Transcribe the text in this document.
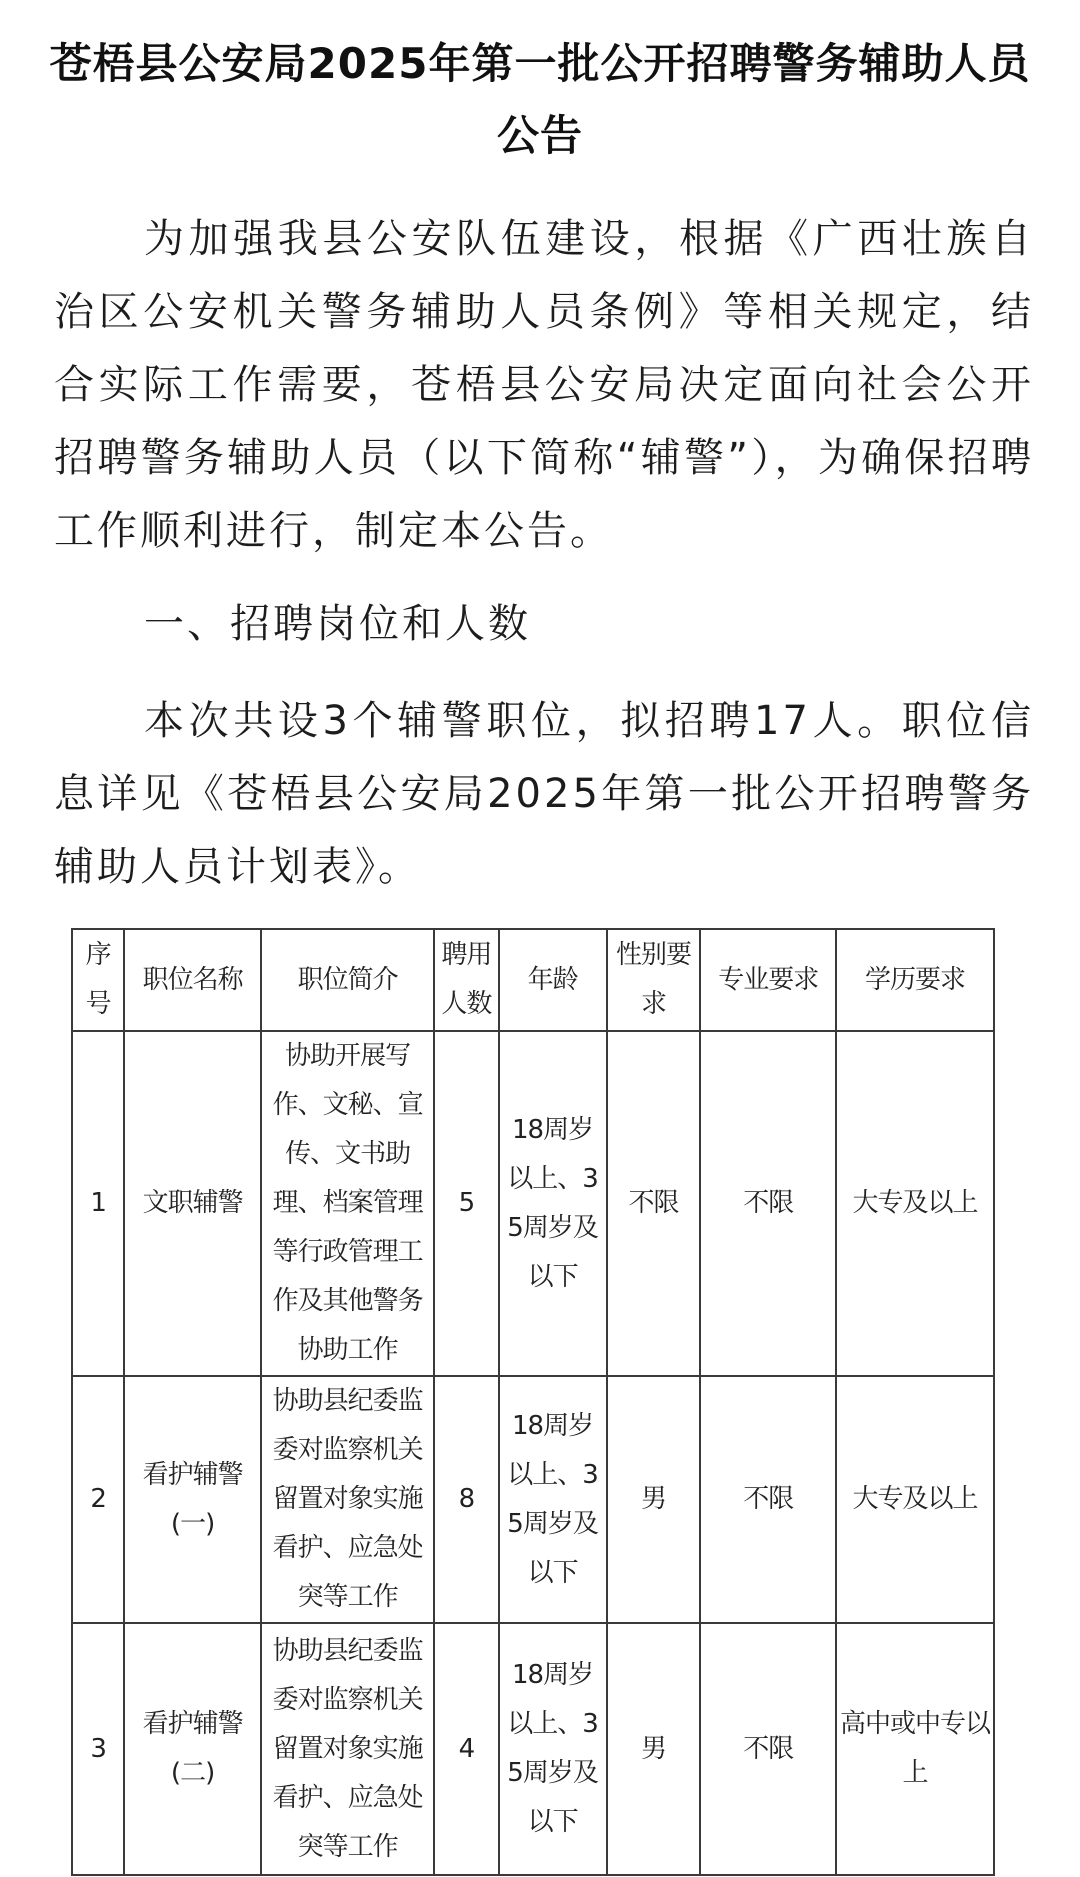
苍梧县公安局2025年第一批公开招聘警务辅助人员公告

为加强我县公安队伍建设，根据《广西壮族自治区公安机关警务辅助人员条例》等相关规定，结合实际工作需要，苍梧县公安局决定面向社会公开招聘警务辅助人员（以下简称“辅警”），为确保招聘工作顺利进行，制定本公告。

一、招聘岗位和人数

本次共设3个辅警职位，拟招聘17人。职位信息详见《苍梧县公安局2025年第一批公开招聘警务辅助人员计划表》。

序号	职位名称	职位简介	聘用人数	年龄	性别要求	专业要求	学历要求
1	文职辅警	协助开展写作、文秘、宣传、文书助理、档案管理等行政管理工作及其他警务协助工作	5	18周岁以上、35周岁及以下	不限	不限	大专及以上
2	看护辅警(一)	协助县纪委监委对监察机关留置对象实施看护、应急处突等工作	8	18周岁以上、35周岁及以下	男	不限	大专及以上
3	看护辅警(二)	协助县纪委监委对监察机关留置对象实施看护、应急处突等工作	4	18周岁以上、35周岁及以下	男	不限	高中或中专以上
